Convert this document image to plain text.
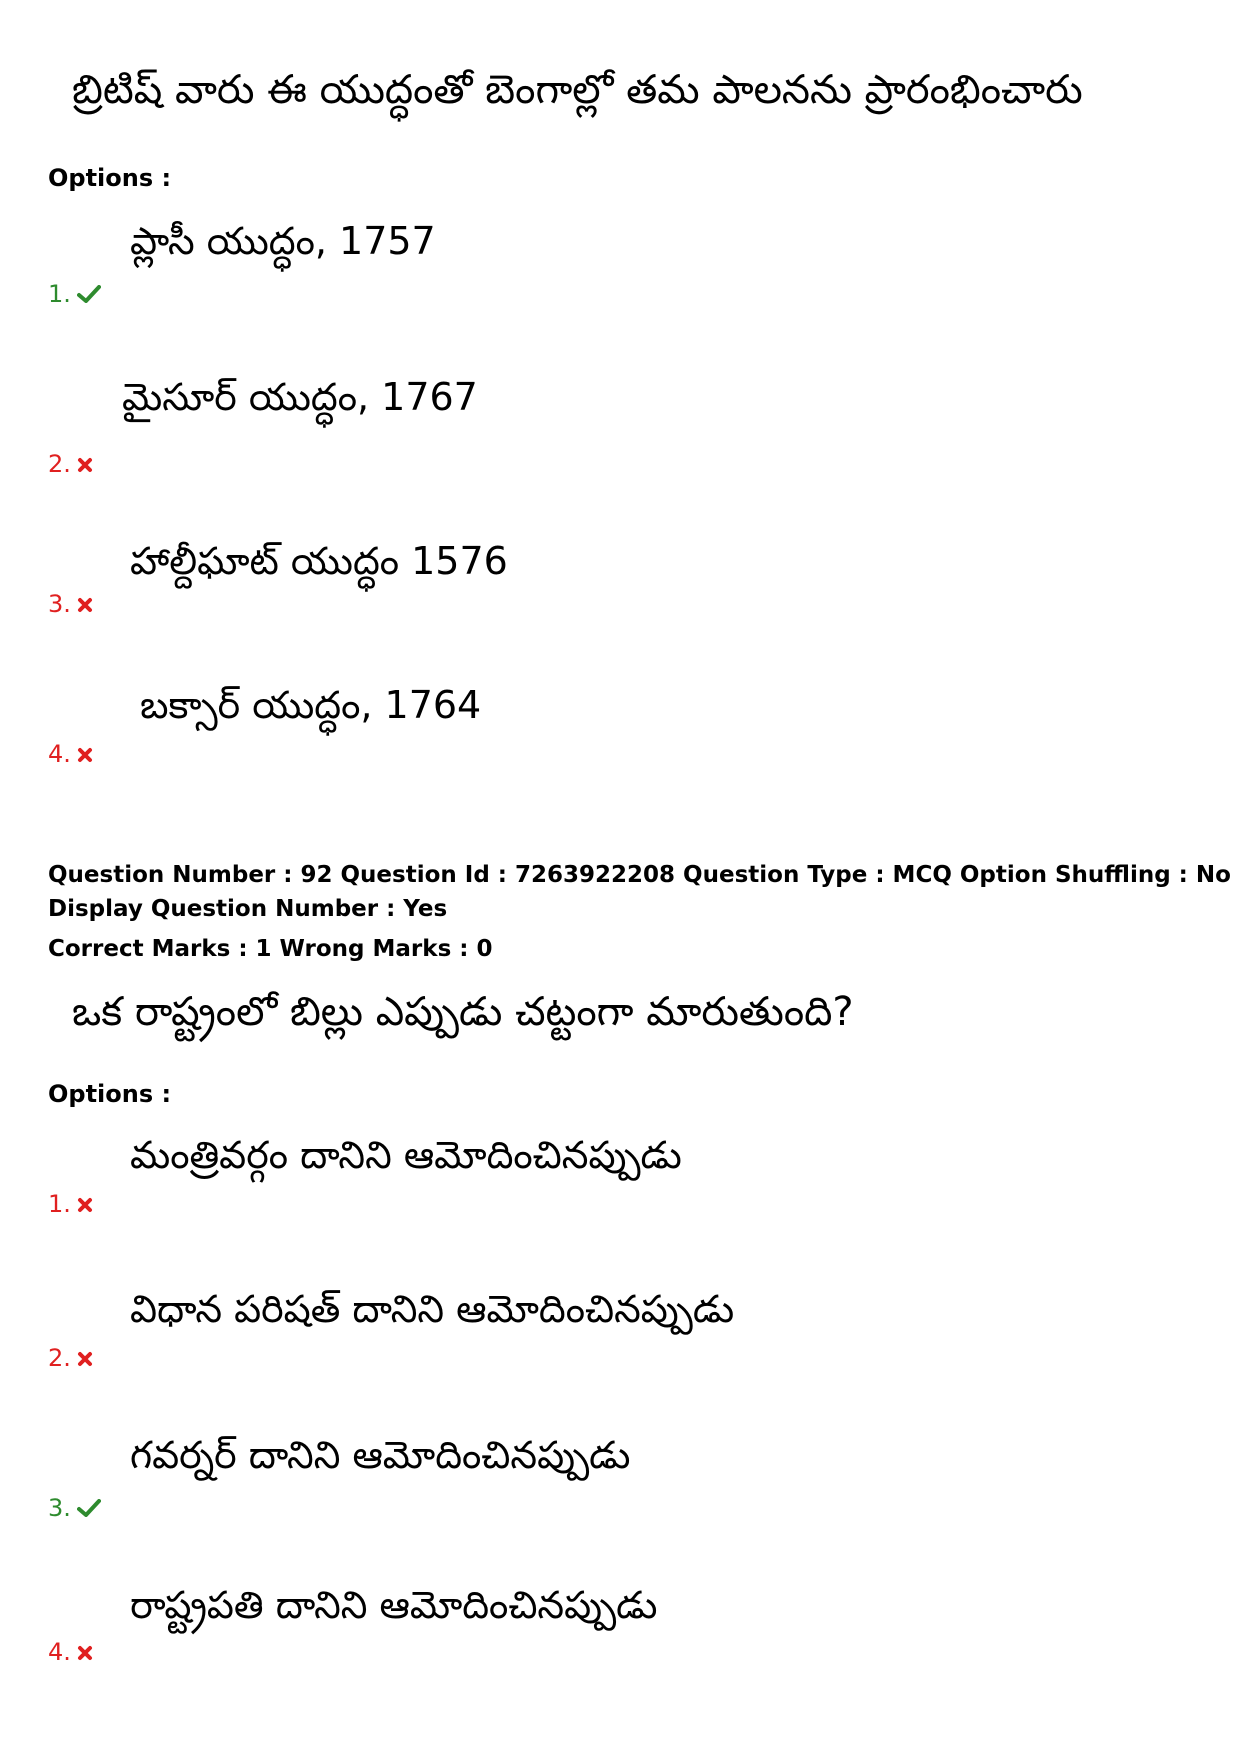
బ్రిటిష్ వారు ఈ యుద్ధంతో బెంగాల్లో తమ పాలనను ప్రారంభించారు
Options :
ప్లాసీ యుద్ధం, 1757
1.
మైసూర్ యుద్ధం, 1767
2.
హాల్దీఘాట్ యుద్ధం 1576
3.
బక్సార్ యుద్ధం, 1764
4.
Question Number : 92 Question Id : 7263922208 Question Type : MCQ Option Shuffling : No
Display Question Number : Yes
Correct Marks : 1 Wrong Marks : 0
ఒక రాష్ట్రంలో బిల్లు ఎప్పుడు చట్టంగా మారుతుంది?
Options :
మంత్రివర్గం దానిని ఆమోదించినప్పుడు
1.
విధాన పరిషత్ దానిని ఆమోదించినప్పుడు
2.
గవర్నర్ దానిని ఆమోదించినప్పుడు
3.
రాష్ట్రపతి దానిని ఆమోదించినప్పుడు
4.
